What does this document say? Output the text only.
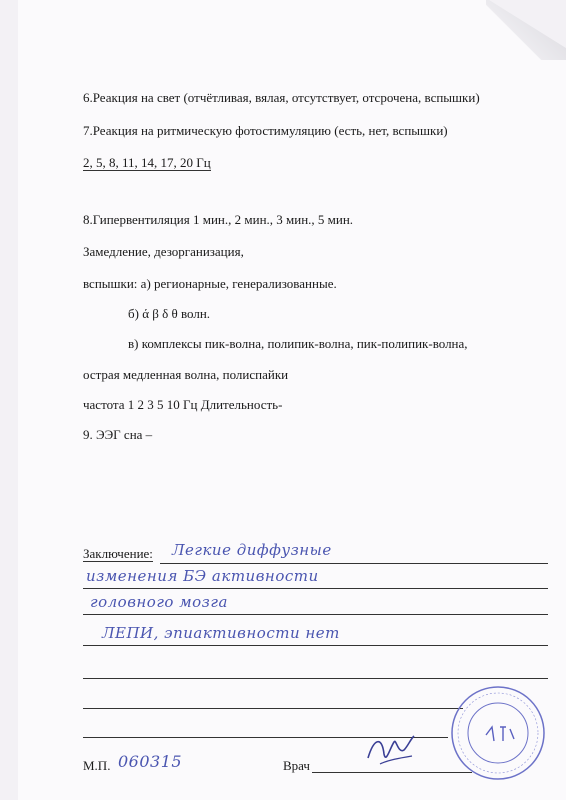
6.Реакция на свет (отчётливая, вялая, отсутствует, отсрочена, вспышки)
7.Реакция на ритмическую фотостимуляцию (есть, нет, вспышки)
2, 5, 8, 11, 14, 17, 20 Гц
8.Гипервентиляция 1 мин., 2 мин., 3 мин., 5 мин.
Замедление, дезорганизация,
вспышки: а) регионарные, генерализованные.
б) ά β δ θ волн.
в) комплексы пик-волна, полипик-волна, пик-полипик-волна,
острая медленная волна, полиспайки
частота 1 2 3 5 10 Гц Длительность-
9. ЭЭГ сна –
Заключение: Легкие диффузные
изменения БЭ активности
головного мозга
ЛЕПИ, эпиактивности нет
М.П. 060315	Врач
